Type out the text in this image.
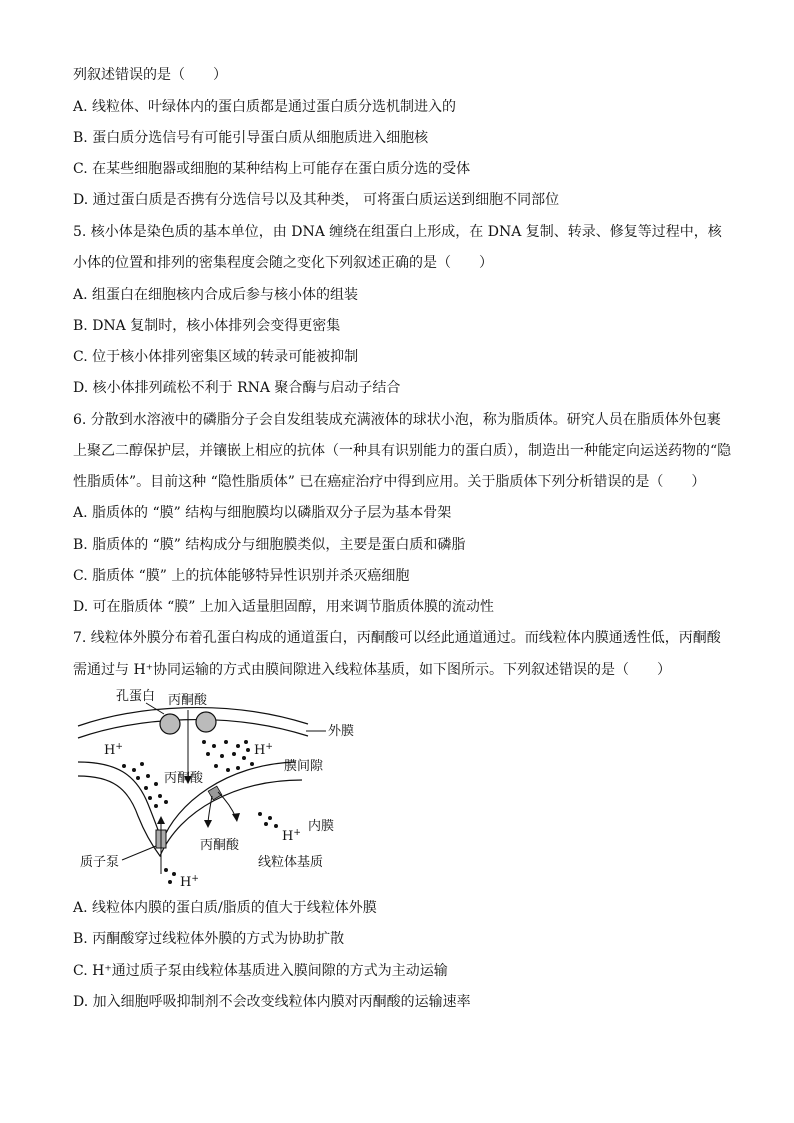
列叙述错误的是（　　）
A. 线粒体、叶绿体内的蛋白质都是通过蛋白质分选机制进入的
B. 蛋白质分选信号有可能引导蛋白质从细胞质进入细胞核
C. 在某些细胞器或细胞的某种结构上可能存在蛋白质分选的受体
D. 通过蛋白质是否携有分选信号以及其种类， 可将蛋白质运送到细胞不同部位
5. 核小体是染色质的基本单位，由 DNA 缠绕在组蛋白上形成，在 DNA 复制、转录、修复等过程中，核
小体的位置和排列的密集程度会随之变化下列叙述正确的是（　　）
A. 组蛋白在细胞核内合成后参与核小体的组装
B. DNA 复制时，核小体排列会变得更密集
C. 位于核小体排列密集区域的转录可能被抑制
D. 核小体排列疏松不利于 RNA 聚合酶与启动子结合
6. 分散到水溶液中的磷脂分子会自发组装成充满液体的球状小泡，称为脂质体。研究人员在脂质体外包裹
上聚乙二醇保护层，并镶嵌上相应的抗体（一种具有识别能力的蛋白质），制造出一种能定向运送药物的“隐
性脂质体”。目前这种 “隐性脂质体” 已在癌症治疗中得到应用。关于脂质体下列分析错误的是（　　）
A. 脂质体的 “膜” 结构与细胞膜均以磷脂双分子层为基本骨架
B. 脂质体的 “膜” 结构成分与细胞膜类似，主要是蛋白质和磷脂
C. 脂质体 “膜” 上的抗体能够特异性识别并杀灭癌细胞
D. 可在脂质体 “膜” 上加入适量胆固醇，用来调节脂质体膜的流动性
7. 线粒体外膜分布着孔蛋白构成的通道蛋白，丙酮酸可以经此通道通过。而线粒体内膜通透性低，丙酮酸
需通过与 H⁺协同运输的方式由膜间隙进入线粒体基质，如下图所示。下列叙述错误的是（　　）
外膜
孔蛋白 丙酮酸
H+	H+
膜间隙
丙酮酸
丙酮酸
H+ 内膜
线粒体基质
质子泵
H+
A. 线粒体内膜的蛋白质/脂质的值大于线粒体外膜
B. 丙酮酸穿过线粒体外膜的方式为协助扩散
C. H⁺通过质子泵由线粒体基质进入膜间隙的方式为主动运输
D. 加入细胞呼吸抑制剂不会改变线粒体内膜对丙酮酸的运输速率
